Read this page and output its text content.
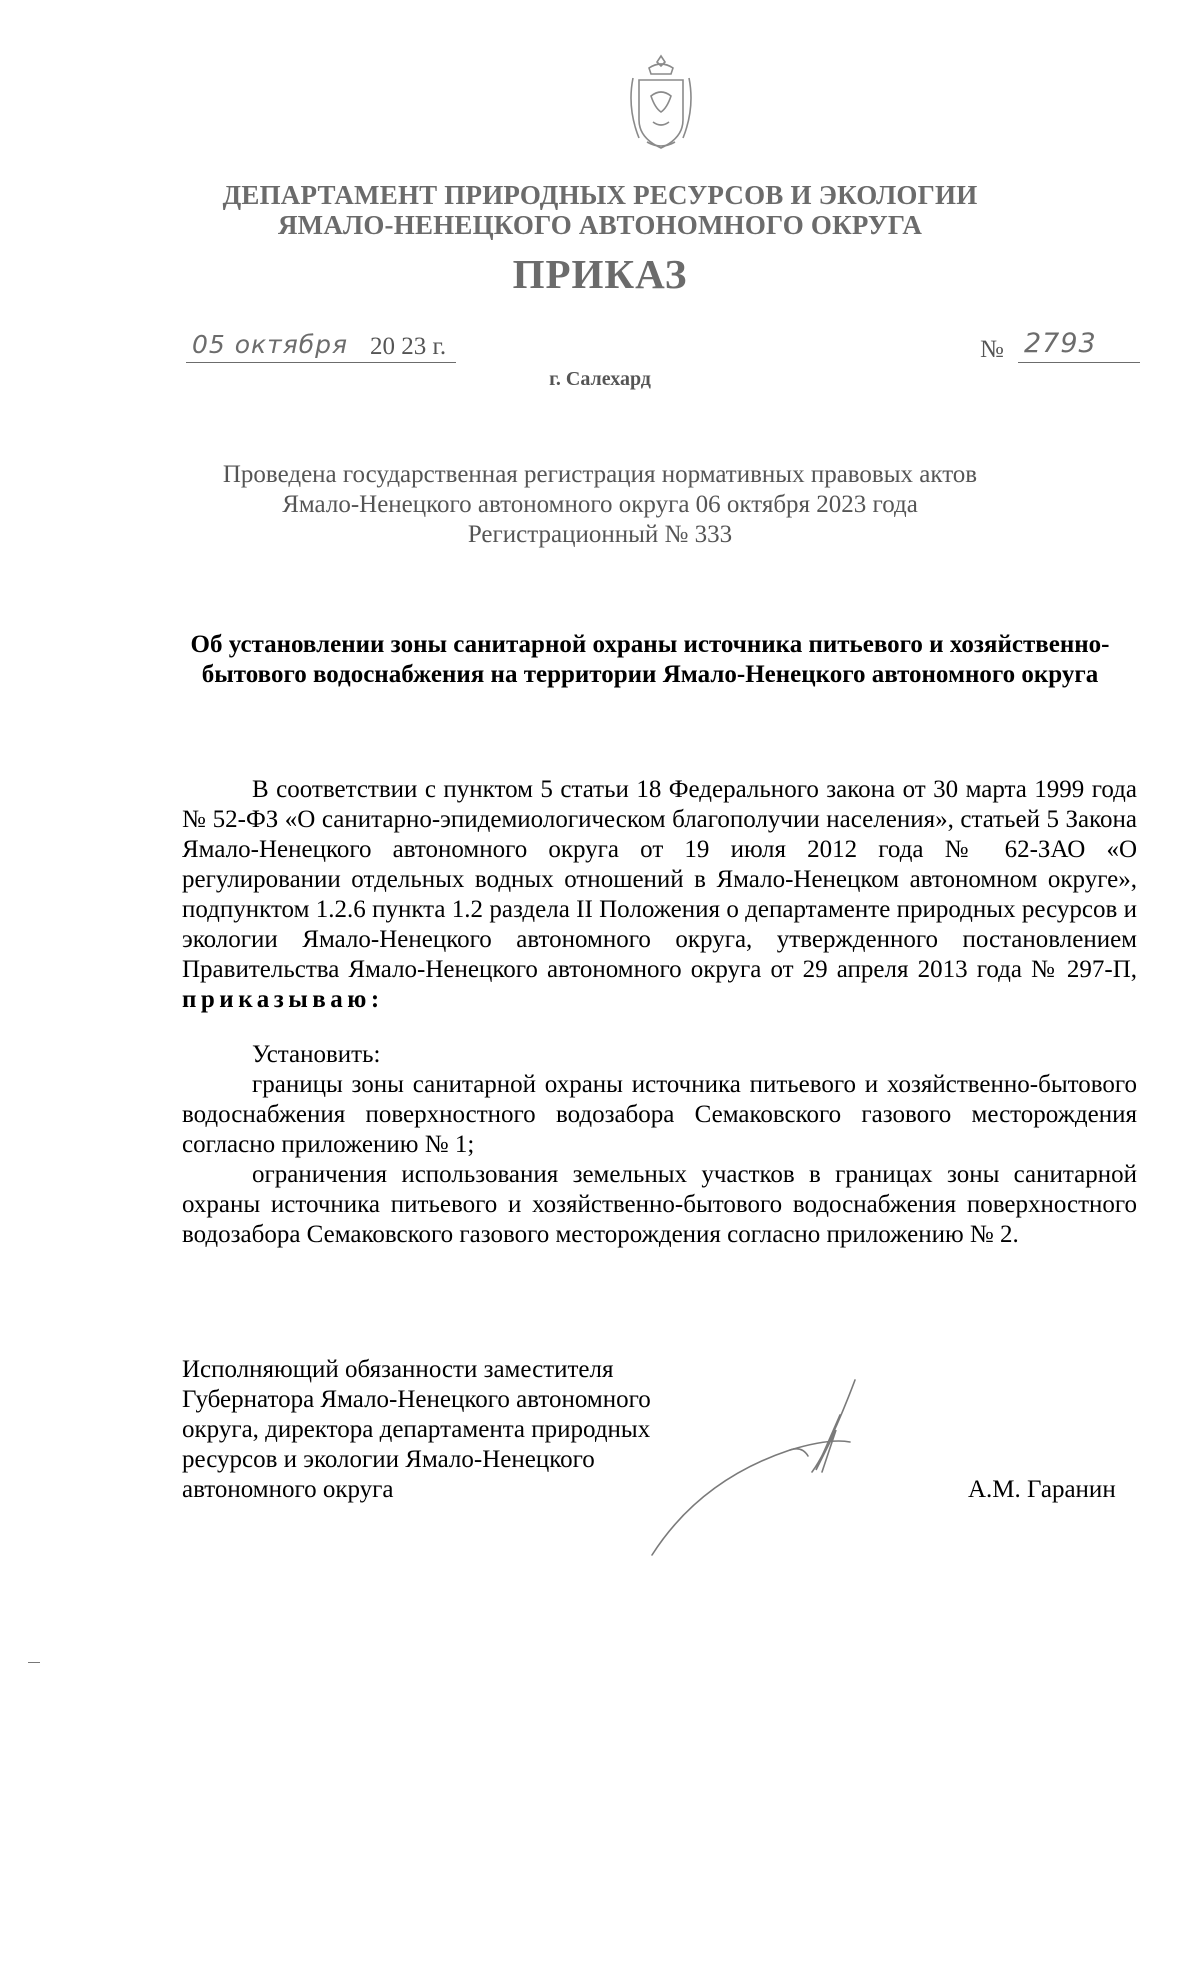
ДЕПАРТАМЕНТ ПРИРОДНЫХ РЕСУРСОВ И ЭКОЛОГИИ
ЯМАЛО-НЕНЕЦКОГО АВТОНОМНОГО ОКРУГА
ПРИКАЗ
05 октября 20 23 г.	№ 2793
г. Салехард
Проведена государственная регистрация нормативных правовых актов
Ямало-Ненецкого автономного округа 06 октября 2023 года
Регистрационный № 333
Об установлении зоны санитарной охраны источника питьевого и хозяйственно-бытового водоснабжения на территории Ямало-Ненецкого автономного округа

В соответствии с пунктом 5 статьи 18 Федерального закона от 30 марта 1999 года № 52-ФЗ «О санитарно-эпидемиологическом благополучии населения», статьей 5 Закона Ямало-Ненецкого автономного округа от 19 июля 2012 года № 62-ЗАО «О регулировании отдельных водных отношений в Ямало-Ненецком автономном округе», подпунктом 1.2.6 пункта 1.2 раздела II Положения о департаменте природных ресурсов и экологии Ямало-Ненецкого автономного округа, утвержденного постановлением Правительства Ямало-Ненецкого автономного округа от 29 апреля 2013 года № 297-П, приказываю:

Установить:

границы зоны санитарной охраны источника питьевого и хозяйственно-бытового водоснабжения поверхностного водозабора Семаковского газового месторождения согласно приложению № 1;

ограничения использования земельных участков в границах зоны санитарной охраны источника питьевого и хозяйственно-бытового водоснабжения поверхностного водозабора Семаковского газового месторождения согласно приложению № 2.

Исполняющий обязанности заместителя
Губернатора Ямало-Ненецкого автономного
округа, директора департамента природных
ресурсов и экологии Ямало-Ненецкого
автономного округа	А.М. Гаранин
